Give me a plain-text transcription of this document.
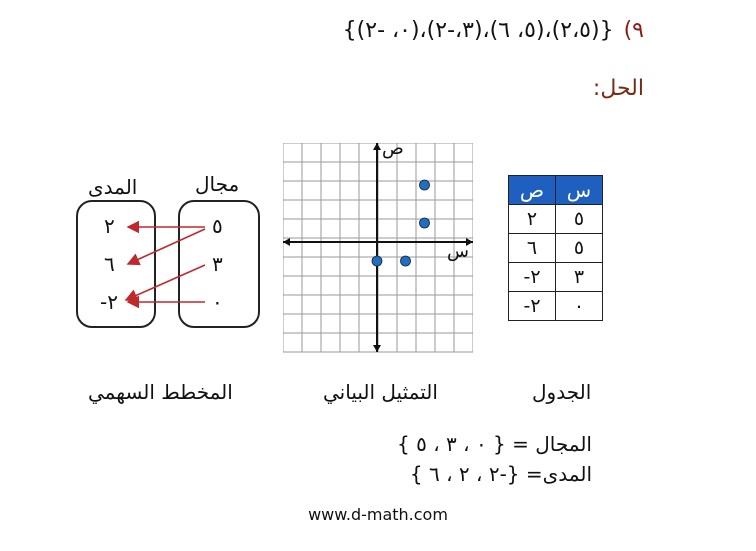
٩){(٢،٥)،(٥، ٦)،(٣،-٢)،(٠، -٢)}
الحل:
مجال
المدى
٥
٣
٠
٢
٦
-٢
المخطط السهمي
ص
س
التمثيل البياني
ص	س
٢	٥
٦	٥
-٢	٣
-٢	٠
الجدول
المجال = { ٠ ، ٣ ، ٥ }
المدى= {-٢ ، ٢ ، ٦ }
www.d-math.com
